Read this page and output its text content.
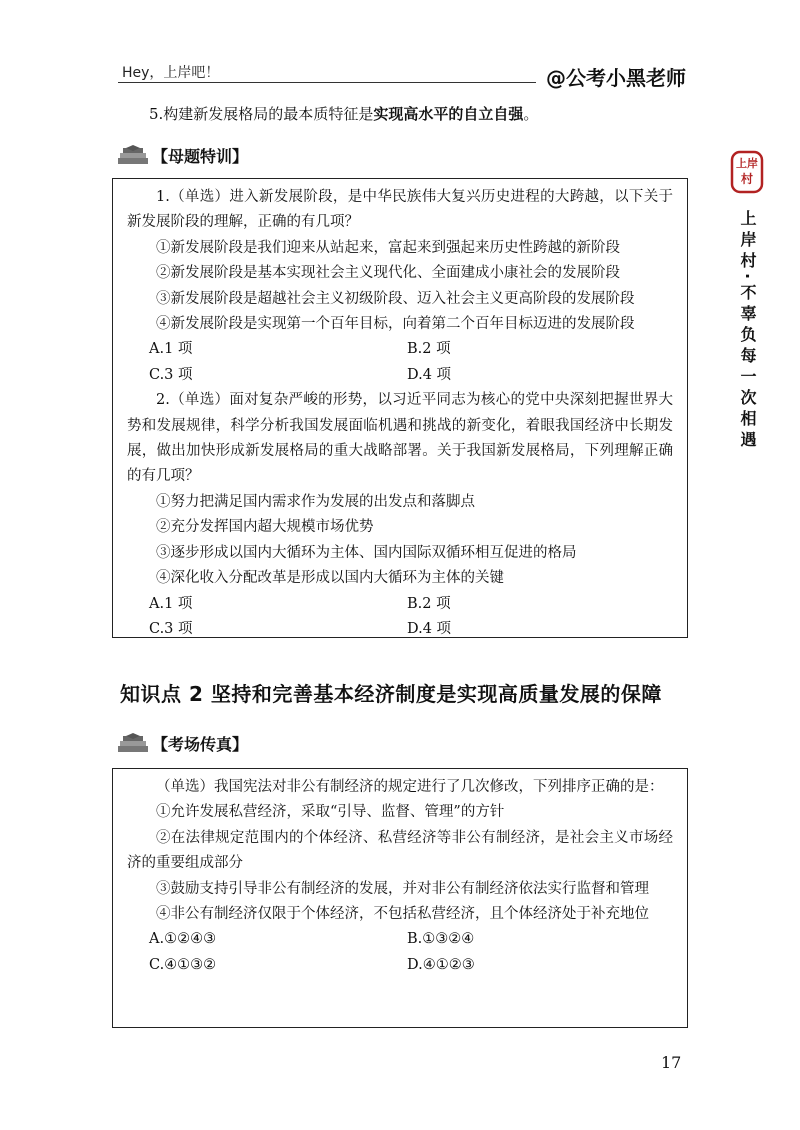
Hey，上岸吧！	@公考小黑老师
5.构建新发展格局的最本质特征是实现高水平的自立自强。
【母题特训】

1.（单选）进入新发展阶段，是中华民族伟大复兴历史进程的大跨越，以下关于新发展阶段的理解，正确的有几项？

①新发展阶段是我们迎来从站起来，富起来到强起来历史性跨越的新阶段

②新发展阶段是基本实现社会主义现代化、全面建成小康社会的发展阶段

③新发展阶段是超越社会主义初级阶段、迈入社会主义更高阶段的发展阶段

④新发展阶段是实现第一个百年目标，向着第二个百年目标迈进的发展阶段

A.1 项	B.2 项
C.3 项	D.4 项

2.（单选）面对复杂严峻的形势，以习近平同志为核心的党中央深刻把握世界大势和发展规律，科学分析我国发展面临机遇和挑战的新变化，着眼我国经济中长期发展，做出加快形成新发展格局的重大战略部署。关于我国新发展格局，下列理解正确的有几项？

①努力把满足国内需求作为发展的出发点和落脚点

②充分发挥国内超大规模市场优势

③逐步形成以国内大循环为主体、国内国际双循环相互促进的格局

④深化收入分配改革是形成以国内大循环为主体的关键

A.1 项	B.2 项
C.3 项	D.4 项
知识点 2 坚持和完善基本经济制度是实现高质量发展的保障
【考场传真】

（单选）我国宪法对非公有制经济的规定进行了几次修改，下列排序正确的是：

①允许发展私营经济，采取“引导、监督、管理”的方针

②在法律规定范围内的个体经济、私营经济等非公有制经济，是社会主义市场经济的重要组成部分

③鼓励支持引导非公有制经济的发展，并对非公有制经济依法实行监督和管理

④非公有制经济仅限于个体经济，不包括私营经济，且个体经济处于补充地位

A.①②④③	B.①③②④
C.④①③②	D.④①②③
上岸
村
上岸村·不辜负每一次相遇
17
